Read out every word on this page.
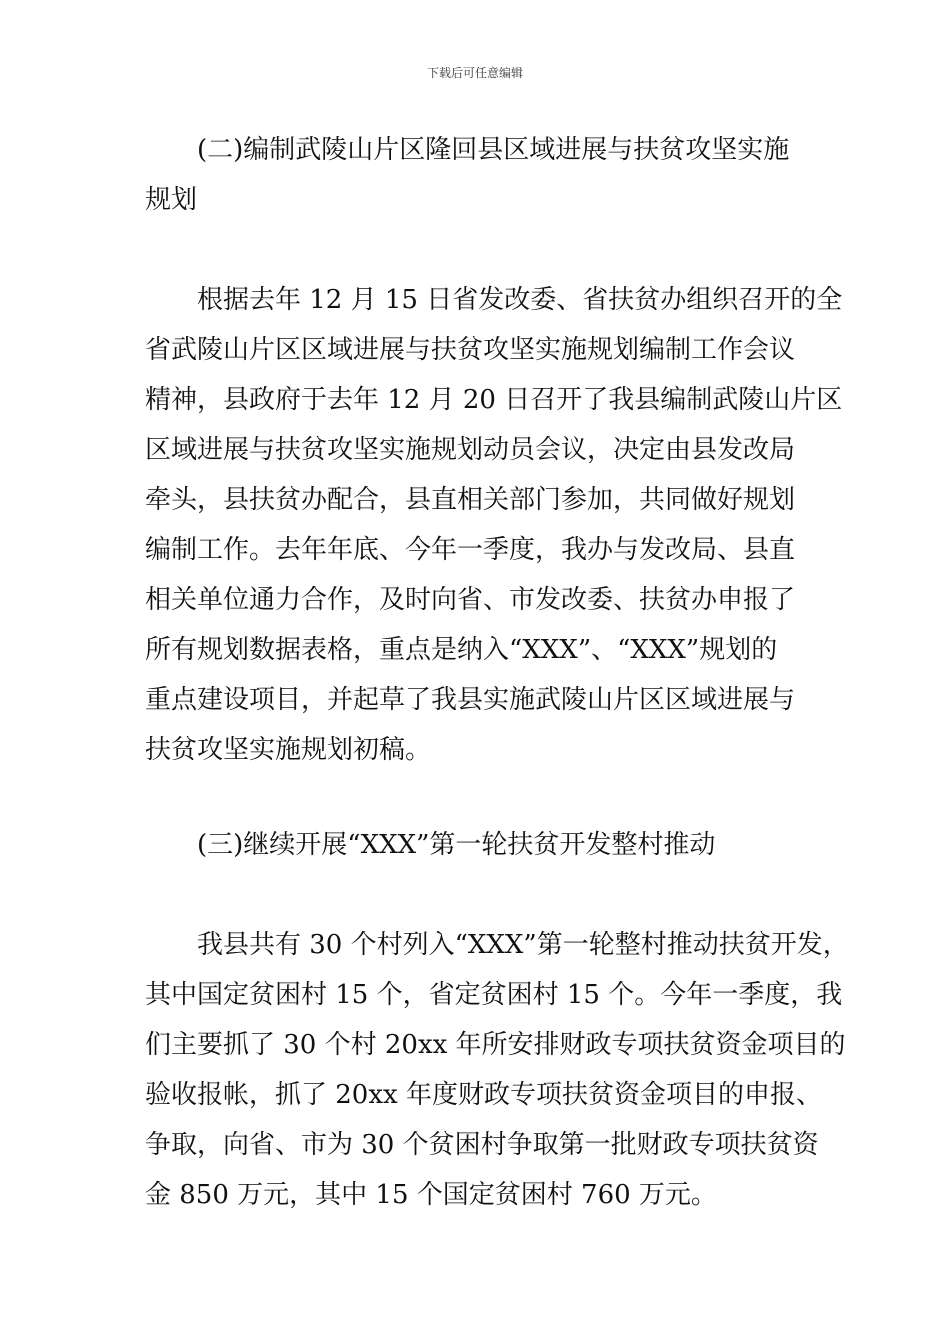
下载后可任意编辑
(二)编制武陵山片区隆回县区域进展与扶贫攻坚实施
规划
根据去年 12 月 15 日省发改委、省扶贫办组织召开的全
省武陵山片区区域进展与扶贫攻坚实施规划编制工作会议
精神，县政府于去年 12 月 20 日召开了我县编制武陵山片区
区域进展与扶贫攻坚实施规划动员会议，决定由县发改局
牵头，县扶贫办配合，县直相关部门参加，共同做好规划
编制工作。去年年底、今年一季度，我办与发改局、县直
相关单位通力合作，及时向省、市发改委、扶贫办申报了
所有规划数据表格，重点是纳入“XXX”、“XXX”规划的
重点建设项目，并起草了我县实施武陵山片区区域进展与
扶贫攻坚实施规划初稿。
(三)继续开展“XXX”第一轮扶贫开发整村推动
我县共有 30 个村列入“XXX”第一轮整村推动扶贫开发，
其中国定贫困村 15 个，省定贫困村 15 个。今年一季度，我
们主要抓了 30 个村 20xx 年所安排财政专项扶贫资金项目的
验收报帐，抓了 20xx 年度财政专项扶贫资金项目的申报、
争取，向省、市为 30 个贫困村争取第一批财政专项扶贫资
金 850 万元，其中 15 个国定贫困村 760 万元。
